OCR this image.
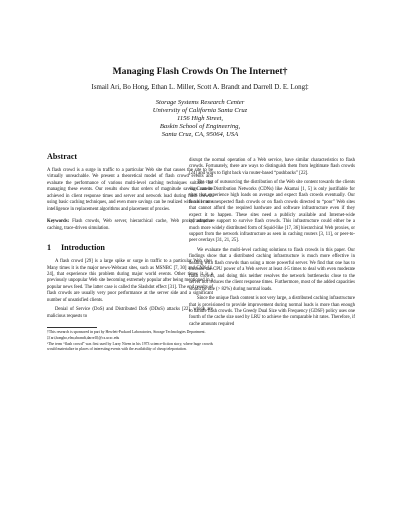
Managing Flash Crowds On The Internet†
Ismail Ari, Bo Hong, Ethan L. Miller, Scott A. Brandt and Darrell D. E. Long‡
Storage Systems Research Center
University of California Santa Cruz
1156 High Street,
Baskin School of Engineering,
Santa Cruz, CA, 95064, USA
Abstract

A flash crowd is a surge in traffic to a particular Web site that causes the site to be virtually unreachable. We present a theoretical model of flash crowd events and evaluate the performance of various multi-level caching techniques suitable for managing these events. Our results show that orders of magnitude savings can be achieved in client response times and server and network load during flash crowds using basic caching techniques, and even more savings can be realized with a bit more intelligence in replacement algorithms and placement of proxies.

Keywords: Flash crowds, Web server, hierarchical cache, Web proxy, adaptive caching, trace-driven simulation.

1 Introduction

A flash crowd [29] is a large spike or surge in traffic to a particular Web site¹. Many times it is the major news-Webcast sites, such as MSNBC [7, 30] and CNN [4, 24], that experience this problem during major world events. Other times it is a previously unpopular Web site becoming extremely popular after being mentioned in a popular news feed. The latter case is called the Slashdot effect [31]. The end results of flash crowds are usually very poor performance at the server side and a significant number of unsatisfied clients.

Denial of Service (DoS) and Distributed DoS (DDoS) attacks [22], which are malicious requests to

†This research is sponsored in part by Hewlett-Packard Laboratories, Storage Technologies Department.

‡{ari,hongbo,elm,sbrandt,darrell}@cs.ucsc.edu

¹The term “flash crowd” was first used by Larry Niven in his 1973 science-fiction story, where huge crowds would materialize in places of interesting events with the availability of cheap teleportation.

disrupt the normal operation of a Web service, have similar characteristics to flash crowds. Fortunately, there are ways to distinguish them from legitimate flash crowds [24] and ways to fight back via router-based “pushbacks” [22].

The cost of outsourcing the distribution of the Web site content towards the clients via Content Distribution Networks (CDNs) like Akamai [1, 5] is only justifiable for sites that experience high loads on average and expect flash crowds eventually. Our focus is on unexpected flash crowds or on flash crowds directed to “poor” Web sites that cannot afford the required hardware and software infrastructure even if they expect it to happen. These sites need a publicly available and Internet-wide infrastructure support to survive flash crowds. This infrastructure could either be a much more widely distributed form of Squid-like [17, 36] hierarchical Web proxies, or support from the network infrastructure as seen in caching routers [3, 11], or peer-to-peer overlays [31, 21, 25].

We evaluate the multi-level caching solutions to flash crowds in this paper. Our findings show that a distributed caching infrastructure is much more effective in dealing with flash crowds than using a more powerful server. We find that one has to increase the CPU power of a Web server at least 4-5 times to deal with even moderate flash crowds, and doing this neither resolves the network bottlenecks close to the server nor reduces the client response times. Furthermore, most of the added capacities would be idle (> 82%) during normal loads.

Since the unique flash content is not very large, a distributed caching infrastructure that is provisioned to provide improvement during normal loads is more than enough to handle flash crowds. The Greedy Dual Size with Frequency (GDSF) policy uses one fourth of the cache size used by LRU to achieve the comparable hit rates. Therefore, if cache amounts required
